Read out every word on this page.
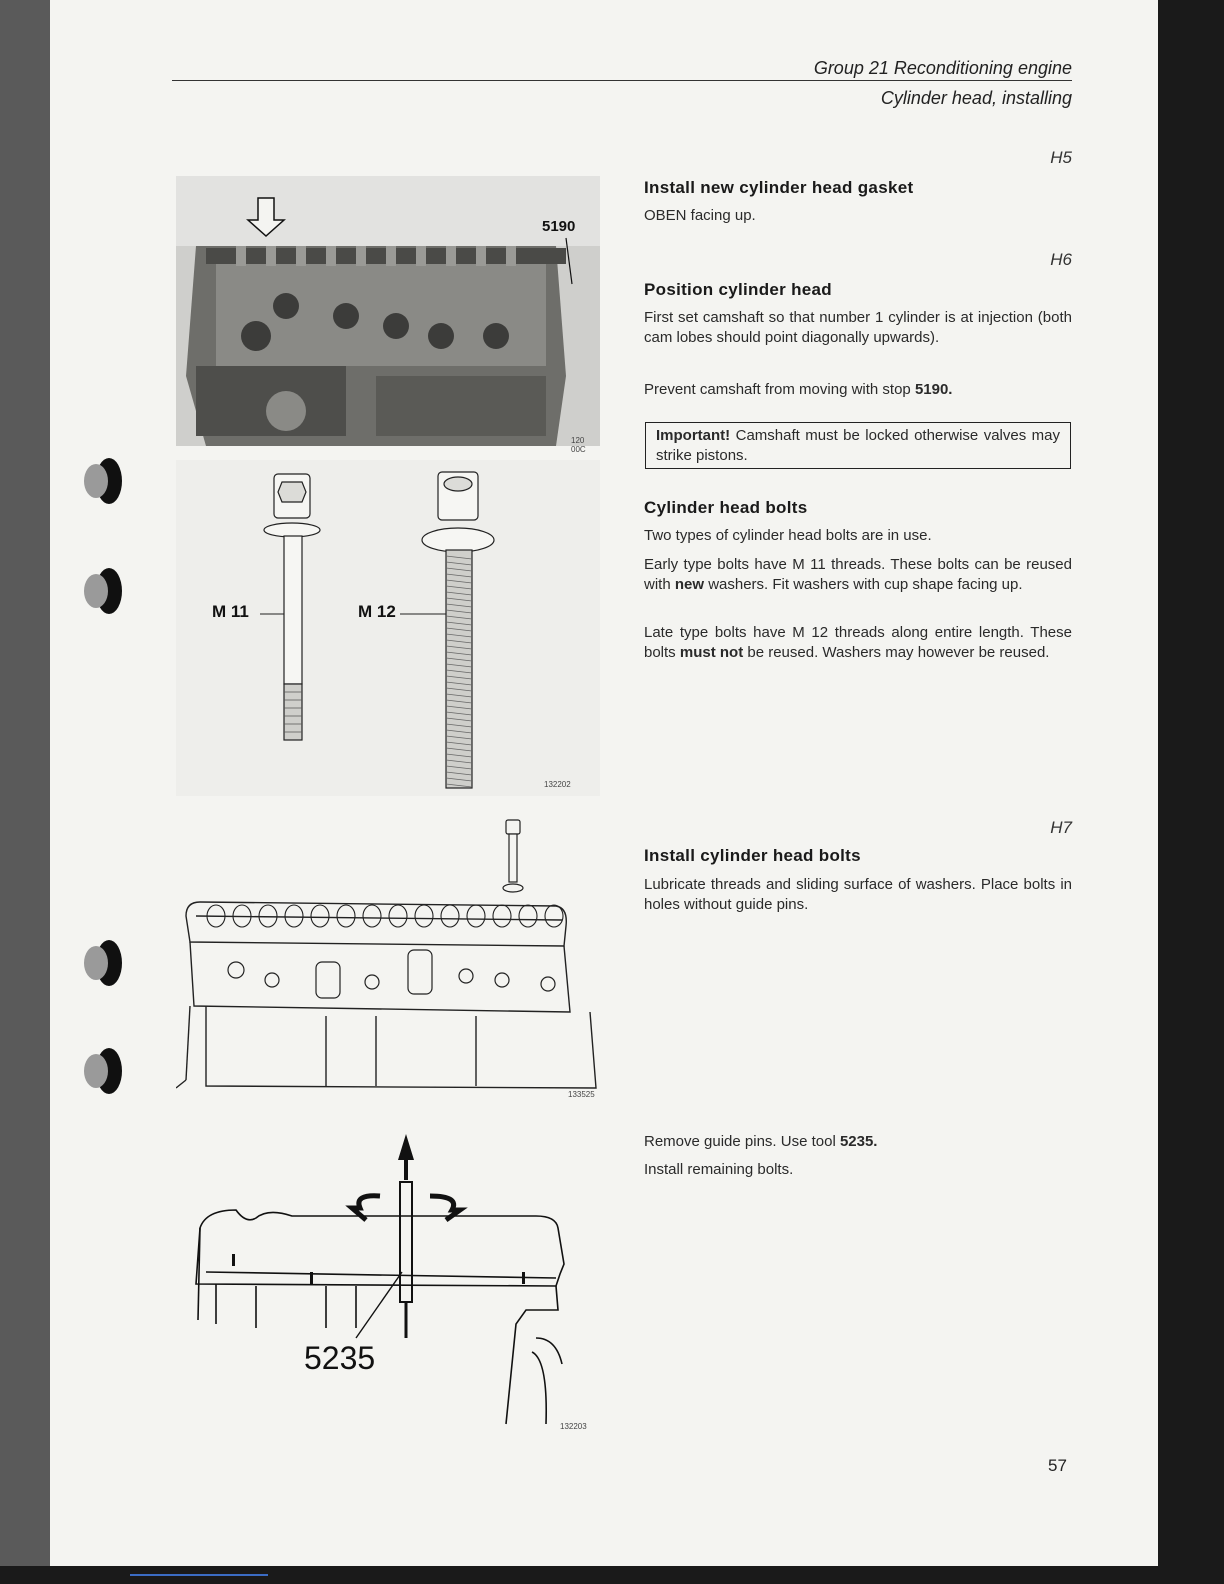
Group 21 Reconditioning engine
Cylinder head, installing
H5
Install new cylinder head gasket

OBEN facing up.

H6
Position cylinder head

First set camshaft so that number 1 cylinder is at injection (both cam lobes should point diagonally upwards).

Prevent camshaft from moving with stop 5190.

Important! Camshaft must be locked otherwise valves may strike pistons.
Cylinder head bolts

Two types of cylinder head bolts are in use.

Early type bolts have M 11 threads. These bolts can be reused with new washers. Fit washers with cup shape facing up.

Late type bolts have M 12 threads along entire length. These bolts must not be reused. Washers may however be reused.

H7
Install cylinder head bolts

Lubricate threads and sliding surface of washers. Place bolts in holes without guide pins.

Remove guide pins. Use tool 5235.

Install remaining bolts.

5190
120 00C
M 11	M 12
132202
133525
5235
132203
57
